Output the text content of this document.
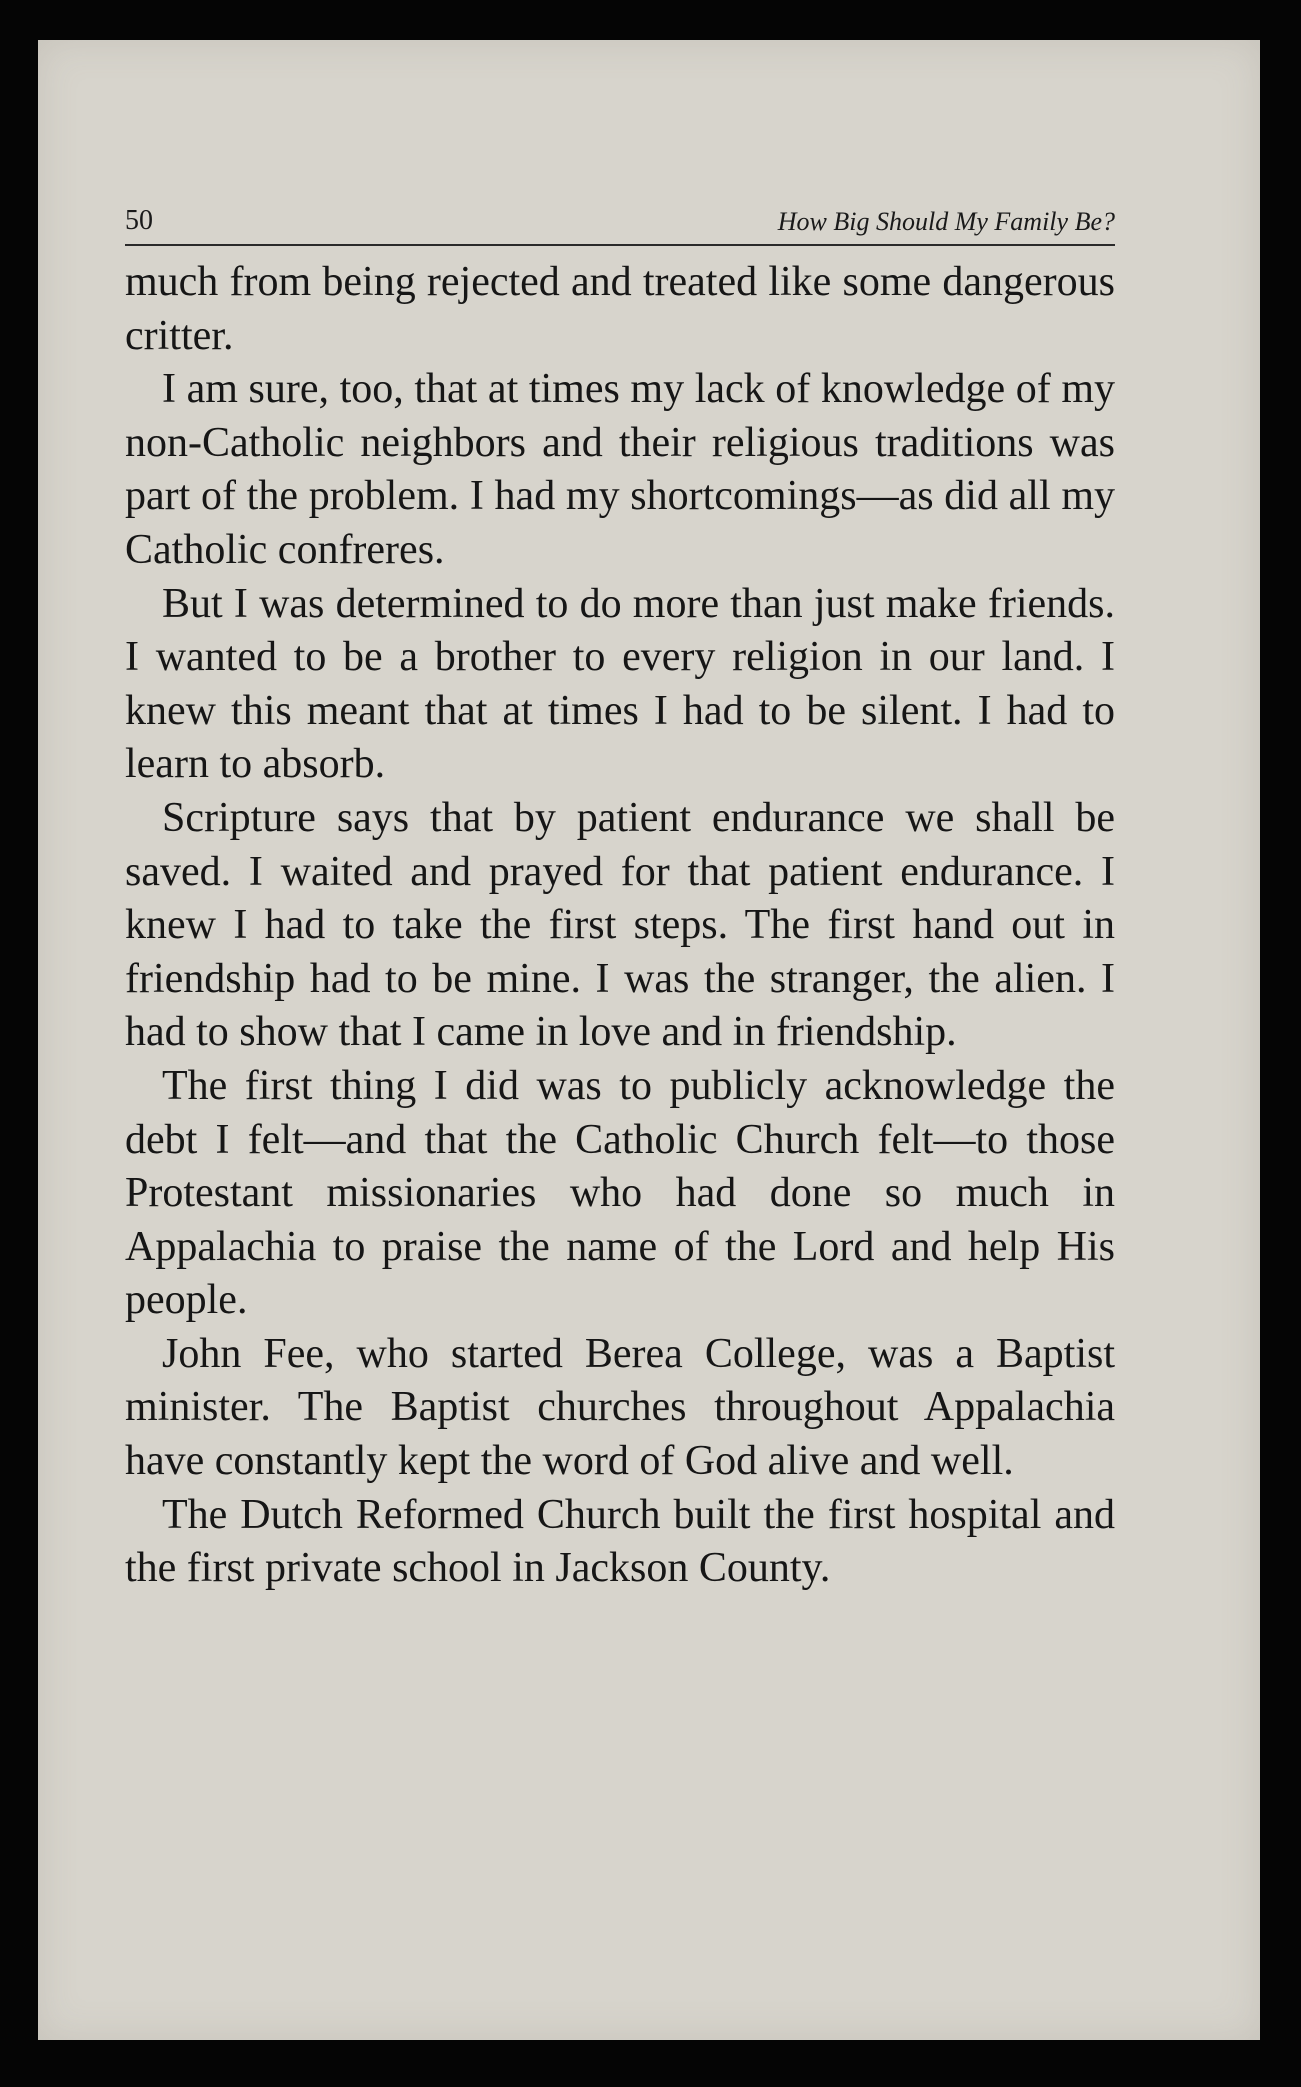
50	How Big Should My Family Be?

much from being rejected and treated like some dangerous critter.

I am sure, too, that at times my lack of knowledge of my non-Catholic neighbors and their religious traditions was part of the problem. I had my shortcomings—as did all my Catholic confreres.

But I was determined to do more than just make friends. I wanted to be a brother to every religion in our land. I knew this meant that at times I had to be silent. I had to learn to absorb.

Scripture says that by patient endurance we shall be saved. I waited and prayed for that patient endurance. I knew I had to take the first steps. The first hand out in friendship had to be mine. I was the stranger, the alien. I had to show that I came in love and in friendship.

The first thing I did was to publicly acknowledge the debt I felt—and that the Catholic Church felt—to those Protestant missionaries who had done so much in Appalachia to praise the name of the Lord and help His people.

John Fee, who started Berea College, was a Baptist minister. The Baptist churches throughout Appalachia have constantly kept the word of God alive and well.

The Dutch Reformed Church built the first hospital and the first private school in Jackson County.
